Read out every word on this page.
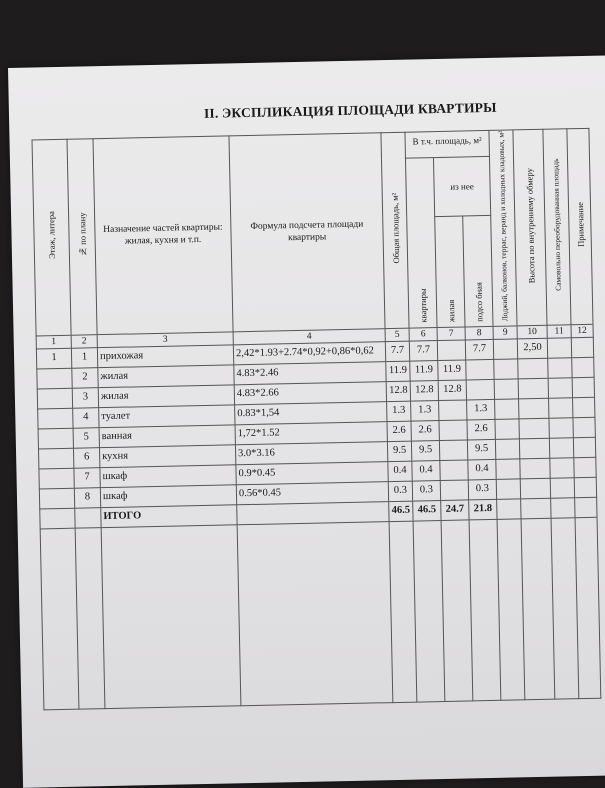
II. ЭКСПЛИКАЦИЯ ПЛОЩАДИ КВАРТИРЫ
Этаж, литера	№ по плану	Назначение частей квартиры: жилая, кухня и т.п.	Формула подсчета площади квартиры	Общая площадь, м²	В т.ч. площадь, м²			Лоджий, балконов, террас, веранд и холодных кладовых, м²	Высота по внутреннему обмеру	Самовольно переоборудованная площадь	Примечание
					квартиры	из нее					
						жилая	подсо бная				
1	2	3	4	5	6	7	8	9	10	11	12
1	1	прихожая	2,42*1.93+2.74*0,92+0,86*0,62	7.7	7.7		7.7		2,50		
	2	жилая	4.83*2.46	11.9	11.9	11.9					
	3	жилая	4.83*2.66	12.8	12.8	12.8					
	4	туалет	0.83*1,54	1.3	1.3		1.3				
	5	ванная	1,72*1.52	2.6	2.6		2.6				
	6	кухня	3.0*3.16	9.5	9.5		9.5				
	7	шкаф	0.9*0.45	0.4	0.4		0.4				
	8	шкаф	0.56*0.45	0.3	0.3		0.3				
		ИТОГО		46.5	46.5	24.7	21.8				
